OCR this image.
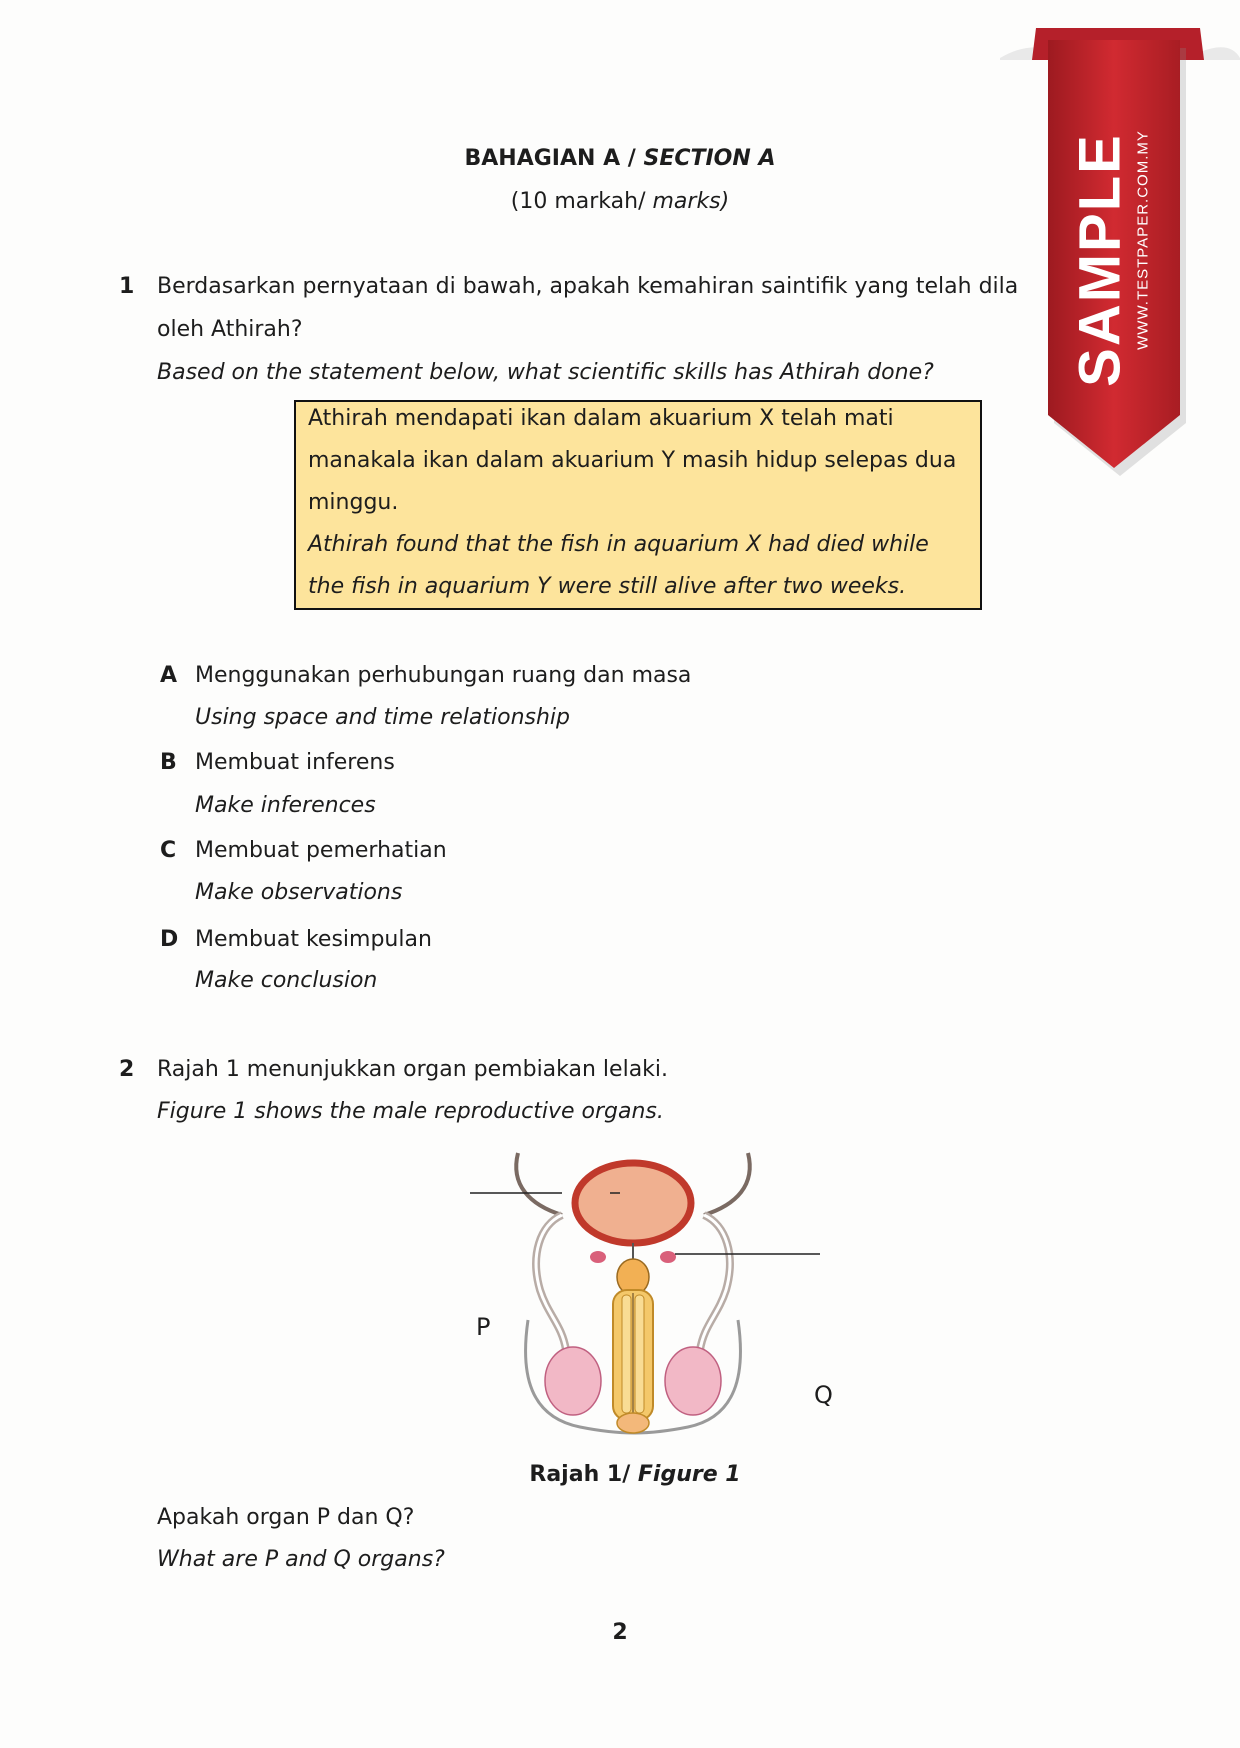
SAMPLE WWW.TESTPAPER.COM.MY
BAHAGIAN A / SECTION A
(10 markah/ marks)
1 Berdasarkan pernyataan di bawah, apakah kemahiran saintifik yang telah dila
oleh Athirah?
Based on the statement below, what scientific skills has Athirah done?
Athirah mendapati ikan dalam akuarium X telah mati
manakala ikan dalam akuarium Y masih hidup selepas dua
minggu.
Athirah found that the fish in aquarium X had died while
the fish in aquarium Y were still alive after two weeks.
A Menggunakan perhubungan ruang dan masa
Using space and time relationship
B Membuat inferens
Make inferences
C Membuat pemerhatian
Make observations
D Membuat kesimpulan
Make conclusion
2 Rajah 1 menunjukkan organ pembiakan lelaki.
Figure 1 shows the male reproductive organs.
P
Q
Rajah 1/ Figure 1
Apakah organ P dan Q?
What are P and Q organs?
2
